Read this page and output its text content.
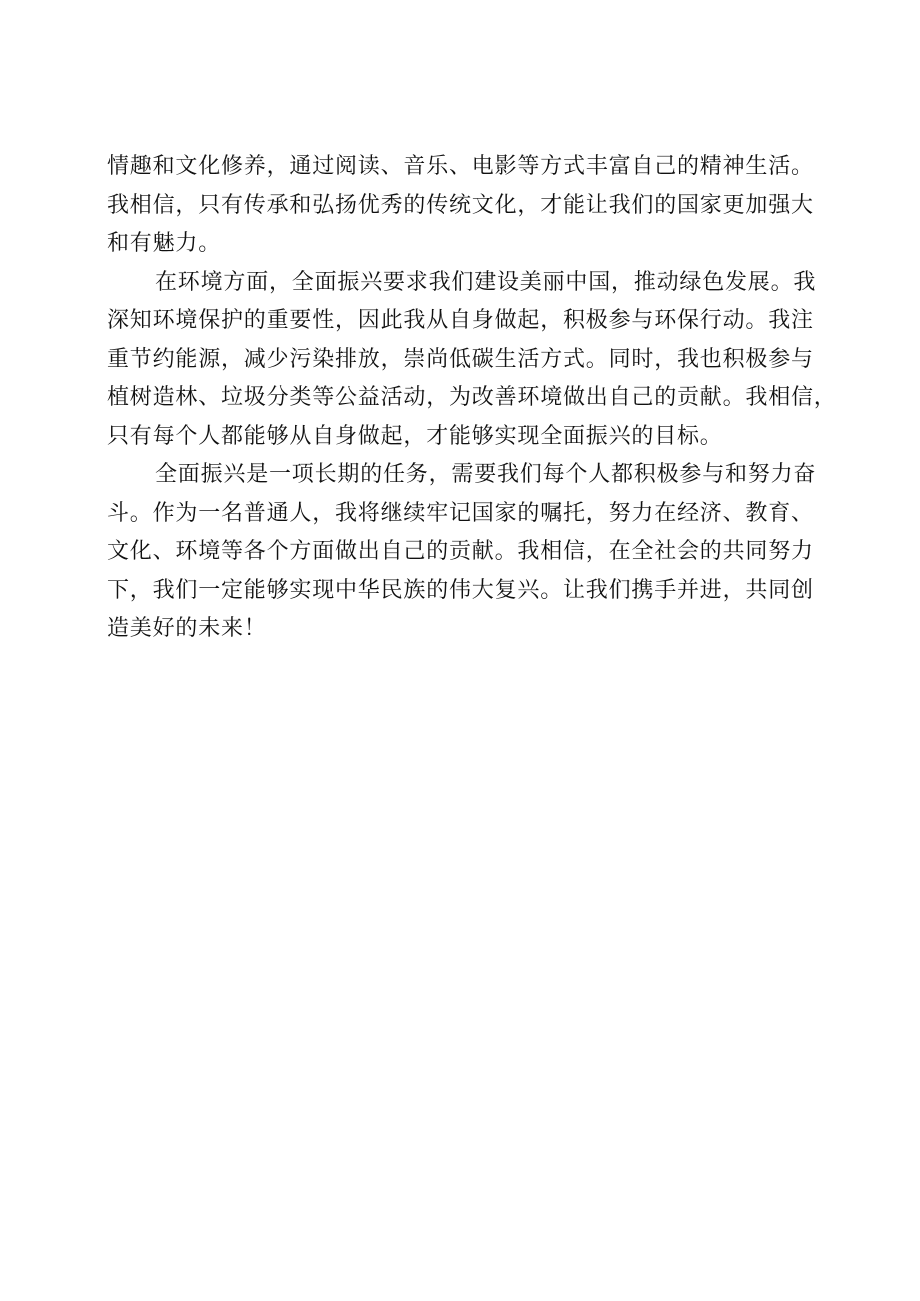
情趣和文化修养，通过阅读、音乐、电影等方式丰富自己的精神生活。
我相信，只有传承和弘扬优秀的传统文化，才能让我们的国家更加强大
和有魅力。
在环境方面，全面振兴要求我们建设美丽中国，推动绿色发展。我
深知环境保护的重要性，因此我从自身做起，积极参与环保行动。我注
重节约能源，减少污染排放，崇尚低碳生活方式。同时，我也积极参与
植树造林、垃圾分类等公益活动，为改善环境做出自己的贡献。我相信，
只有每个人都能够从自身做起，才能够实现全面振兴的目标。
全面振兴是一项长期的任务，需要我们每个人都积极参与和努力奋
斗。作为一名普通人，我将继续牢记国家的嘱托，努力在经济、教育、
文化、环境等各个方面做出自己的贡献。我相信，在全社会的共同努力
下，我们一定能够实现中华民族的伟大复兴。让我们携手并进，共同创
造美好的未来！
